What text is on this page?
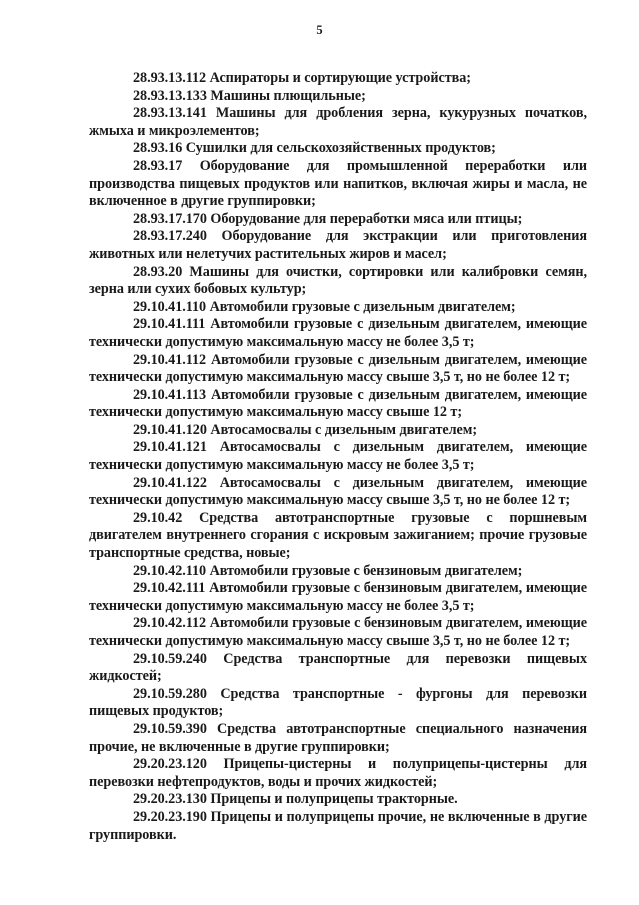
5

28.93.13.112 Аспираторы и сортирующие устройства;

28.93.13.133 Машины плющильные;

28.93.13.141 Машины для дробления зерна, кукурузных початков, жмыха и микроэлементов;

28.93.16 Сушилки для сельскохозяйственных продуктов;

28.93.17 Оборудование для промышленной переработки или производства пищевых продуктов или напитков, включая жиры и масла, не включенное в другие группировки;

28.93.17.170 Оборудование для переработки мяса или птицы;

28.93.17.240 Оборудование для экстракции или приготовления животных или нелетучих растительных жиров и масел;

28.93.20 Машины для очистки, сортировки или калибровки семян, зерна или сухих бобовых культур;

29.10.41.110 Автомобили грузовые с дизельным двигателем;

29.10.41.111 Автомобили грузовые с дизельным двигателем, имеющие технически допустимую максимальную массу не более 3,5 т;

29.10.41.112 Автомобили грузовые с дизельным двигателем, имеющие технически допустимую максимальную массу свыше 3,5 т, но не более 12 т;

29.10.41.113 Автомобили грузовые с дизельным двигателем, имеющие технически допустимую максимальную массу свыше 12 т;

29.10.41.120 Автосамосвалы с дизельным двигателем;

29.10.41.121 Автосамосвалы с дизельным двигателем, имеющие технически допустимую максимальную массу не более 3,5 т;

29.10.41.122 Автосамосвалы с дизельным двигателем, имеющие технически допустимую максимальную массу свыше 3,5 т, но не более 12 т;

29.10.42 Средства автотранспортные грузовые с поршневым двигателем внутреннего сгорания с искровым зажиганием; прочие грузовые транспортные средства, новые;

29.10.42.110 Автомобили грузовые с бензиновым двигателем;

29.10.42.111 Автомобили грузовые с бензиновым двигателем, имеющие технически допустимую максимальную массу не более 3,5 т;

29.10.42.112 Автомобили грузовые с бензиновым двигателем, имеющие технически допустимую максимальную массу свыше 3,5 т, но не более 12 т;

29.10.59.240 Средства транспортные для перевозки пищевых жидкостей;

29.10.59.280 Средства транспортные - фургоны для перевозки пищевых продуктов;

29.10.59.390 Средства автотранспортные специального назначения прочие, не включенные в другие группировки;

29.20.23.120 Прицепы-цистерны и полуприцепы-цистерны для перевозки нефтепродуктов, воды и прочих жидкостей;

29.20.23.130 Прицепы и полуприцепы тракторные.

29.20.23.190 Прицепы и полуприцепы прочие, не включенные в другие группировки.
